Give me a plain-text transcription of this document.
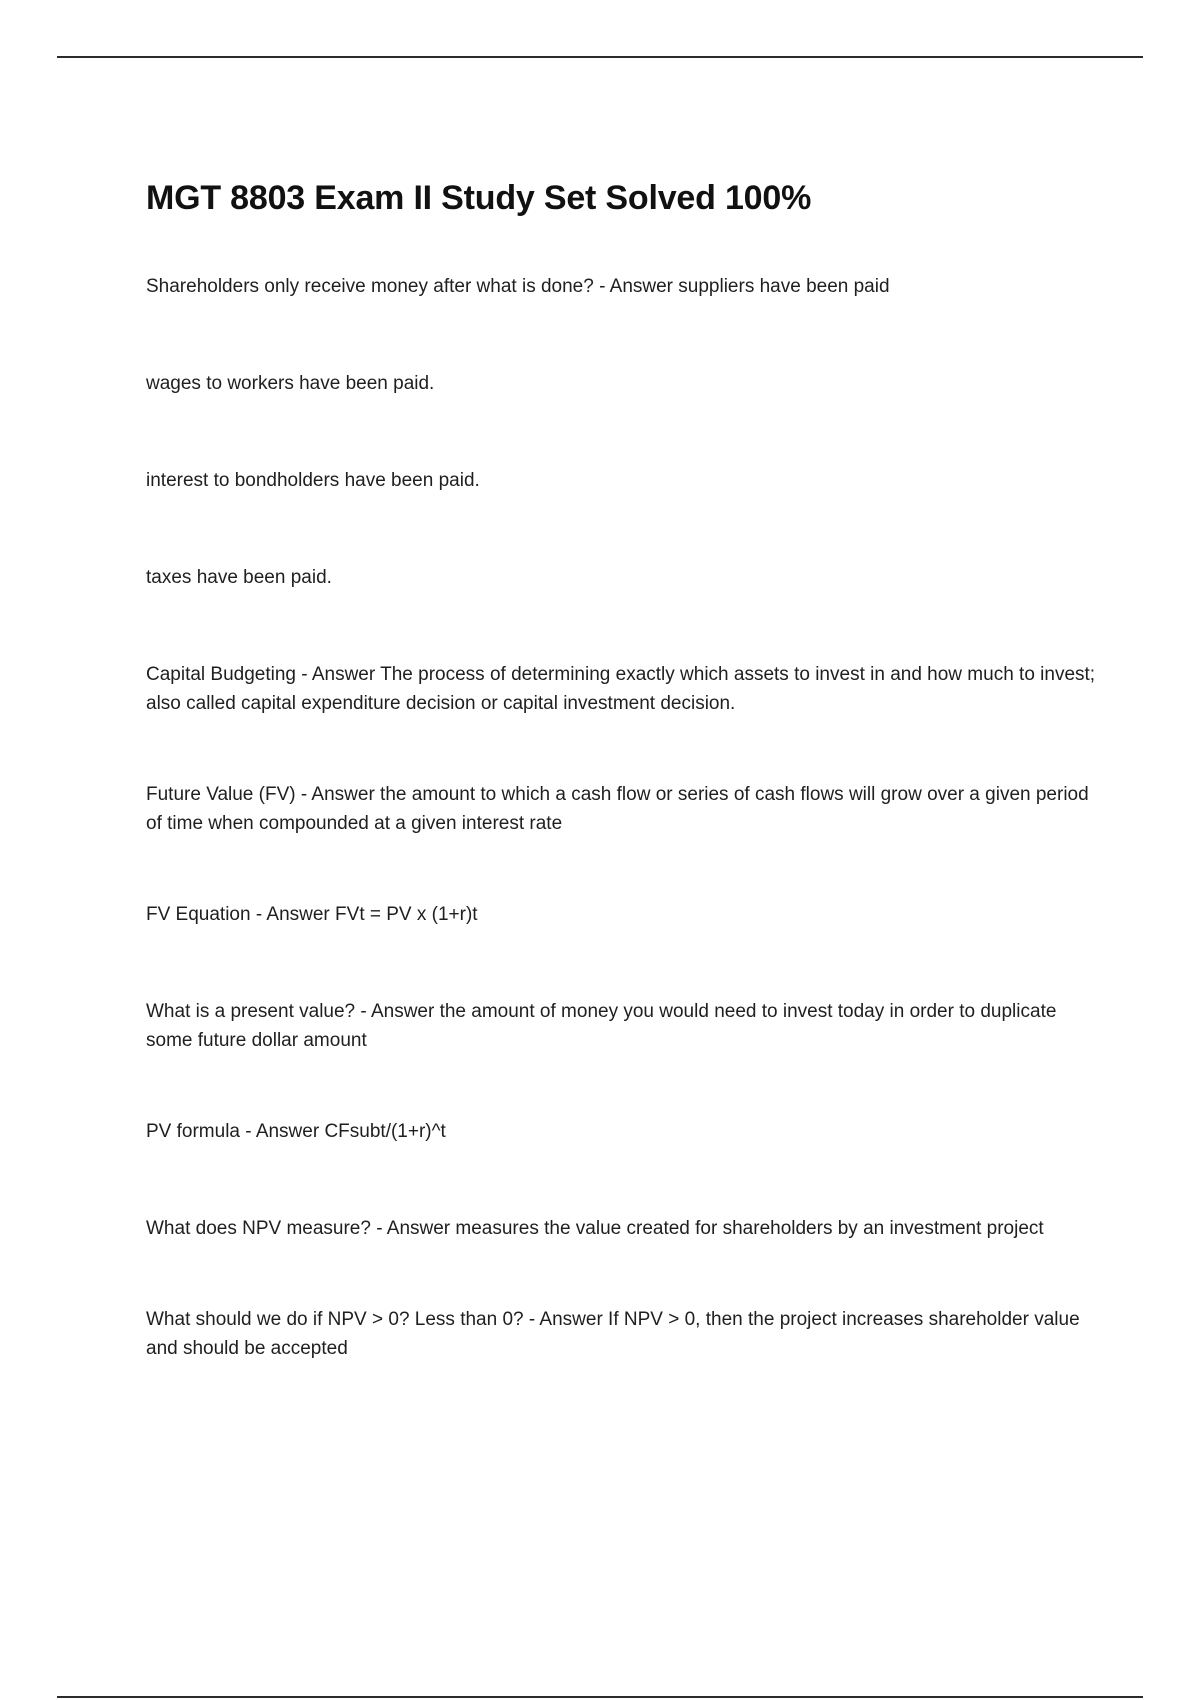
MGT 8803 Exam II Study Set Solved 100%

Shareholders only receive money after what is done? - Answer suppliers have been paid

wages to workers have been paid.

interest to bondholders have been paid.

taxes have been paid.

Capital Budgeting - Answer The process of determining exactly which assets to invest in and how much to invest; also called capital expenditure decision or capital investment decision.

Future Value (FV) - Answer the amount to which a cash flow or series of cash flows will grow over a given period of time when compounded at a given interest rate

FV Equation - Answer FVt = PV x (1+r)t

What is a present value? - Answer the amount of money you would need to invest today in order to duplicate some future dollar amount

PV formula - Answer CFsubt/(1+r)^t

What does NPV measure? - Answer measures the value created for shareholders by an investment project

What should we do if NPV > 0? Less than 0? - Answer If NPV > 0, then the project increases shareholder value and should be accepted
